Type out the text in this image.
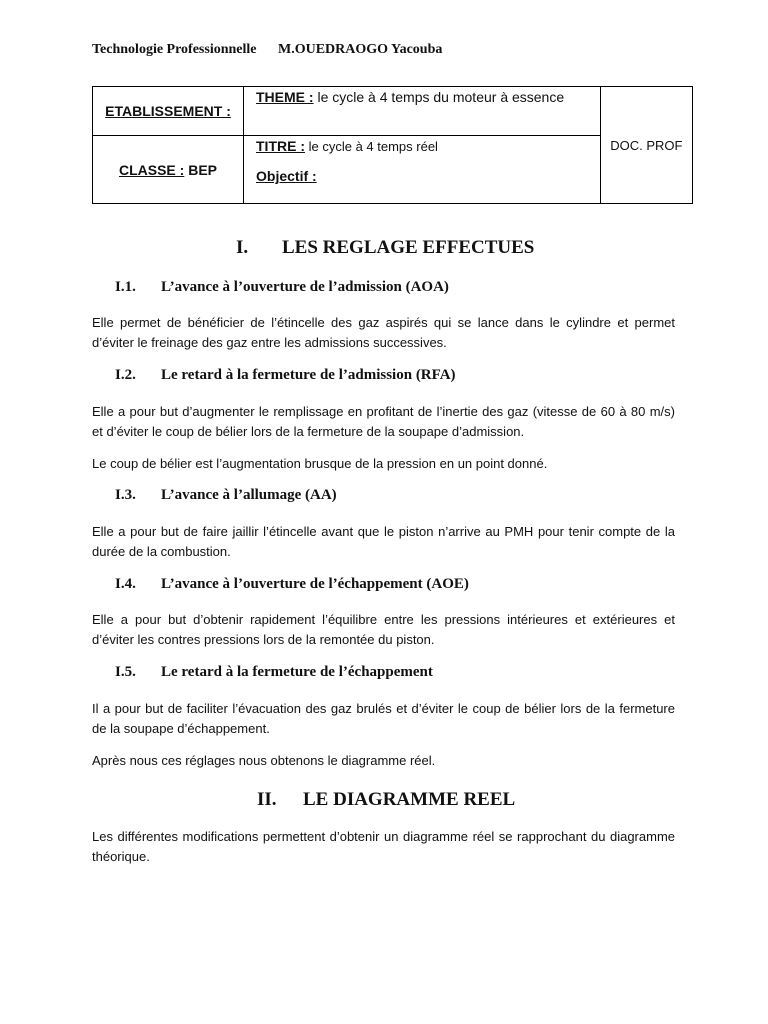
Technologie Professionnelle M.OUEDRAOGO Yacouba
ETABLISSEMENT :	THEME : le cycle à 4 temps du moteur à essence	DOC. PROF
CLASSE : BEP	TITRE : le cycle à 4 temps réel
Objectif :	
I. LES REGLAGE EFFECTUES
I.1. L’avance à l’ouverture de l’admission (AOA)

Elle permet de bénéficier de l’étincelle des gaz aspirés qui se lance dans le cylindre et permet d’éviter le freinage des gaz entre les admissions successives.

I.2. Le retard à la fermeture de l’admission (RFA)

Elle a pour but d’augmenter le remplissage en profitant de l’inertie des gaz (vitesse de 60 à 80 m/s) et d’éviter le coup de bélier lors de la fermeture de la soupape d’admission.

Le coup de bélier est l’augmentation brusque de la pression en un point donné.

I.3. L’avance à l’allumage (AA)

Elle a pour but de faire jaillir l’étincelle avant que le piston n’arrive au PMH pour tenir compte de la durée de la combustion.

I.4. L’avance à l’ouverture de l’échappement (AOE)

Elle a pour but d’obtenir rapidement l’équilibre entre les pressions intérieures et extérieures et d’éviter les contres pressions lors de la remontée du piston.

I.5. Le retard à la fermeture de l’échappement

Il a pour but de faciliter l’évacuation des gaz brulés et d’éviter le coup de bélier lors de la fermeture de la soupape d’échappement.

Après nous ces réglages nous obtenons le diagramme réel.

II. LE DIAGRAMME REEL

Les différentes modifications permettent d’obtenir un diagramme réel se rapprochant du diagramme théorique.
